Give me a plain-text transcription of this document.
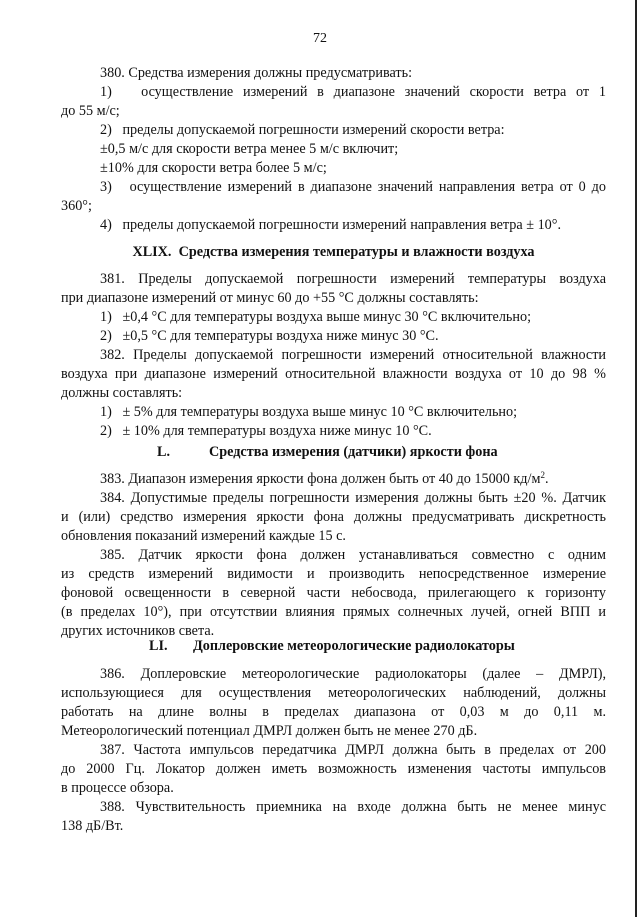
72
380. Средства измерения должны предусматривать:
1)   осуществление измерений в диапазоне значений скорости ветра от 1
до 55 м/с;
2)   пределы допускаемой погрешности измерений скорости ветра:
±0,5 м/с для скорости ветра менее 5 м/с включит;
±10% для скорости ветра более 5 м/с;
3)   осуществление измерений в диапазоне значений направления ветра от 0 до
360°;
4)   пределы допускаемой погрешности измерений направления ветра ± 10°.
XLIX.  Средства измерения температуры и влажности воздуха
381. Пределы допускаемой погрешности измерений температуры воздуха
при диапазоне измерений от минус 60 до +55 °С должны составлять:
1)   ±0,4 °С для температуры воздуха выше минус 30 °С включительно;
2)   ±0,5 °С для температуры воздуха ниже минус 30 °С.
382. Пределы допускаемой погрешности измерений относительной влажности
воздуха при диапазоне измерений относительной влажности воздуха от 10 до 98 %
должны составлять:
1)   ± 5% для температуры воздуха выше минус 10 °С включительно;
2)   ± 10% для температуры воздуха ниже минус 10 °С.
L.	Средства измерения (датчики) яркости фона
383. Диапазон измерения яркости фона должен быть от 40 до 15000 $кд/м^2$.
384. Допустимые пределы погрешности измерения должны быть ±20 %. Датчик
и (или) средство измерения яркости фона должны предусматривать дискретность
обновления показаний измерений каждые 15 с.
385. Датчик яркости фона должен устанавливаться совместно с одним
из средств измерений видимости и производить непосредственное измерение
фоновой освещенности в северной части небосвода, прилегающего к горизонту
(в пределах 10°), при отсутствии влияния прямых солнечных лучей, огней ВПП и
других источников света.
LI.	Доплеровские метеорологические радиолокаторы
386. Доплеровские метеорологические радиолокаторы (далее – ДМРЛ),
использующиеся для осуществления метеорологических наблюдений, должны
работать на длине волны в пределах диапазона от 0,03 м до 0,11 м.
Метеорологический потенциал ДМРЛ должен быть не менее 270 дБ.
387. Частота импульсов передатчика ДМРЛ должна быть в пределах от 200
до 2000 Гц. Локатор должен иметь возможность изменения частоты импульсов
в процессе обзора.
388. Чувствительность приемника на входе должна быть не менее минус
138 дБ/Вт.
